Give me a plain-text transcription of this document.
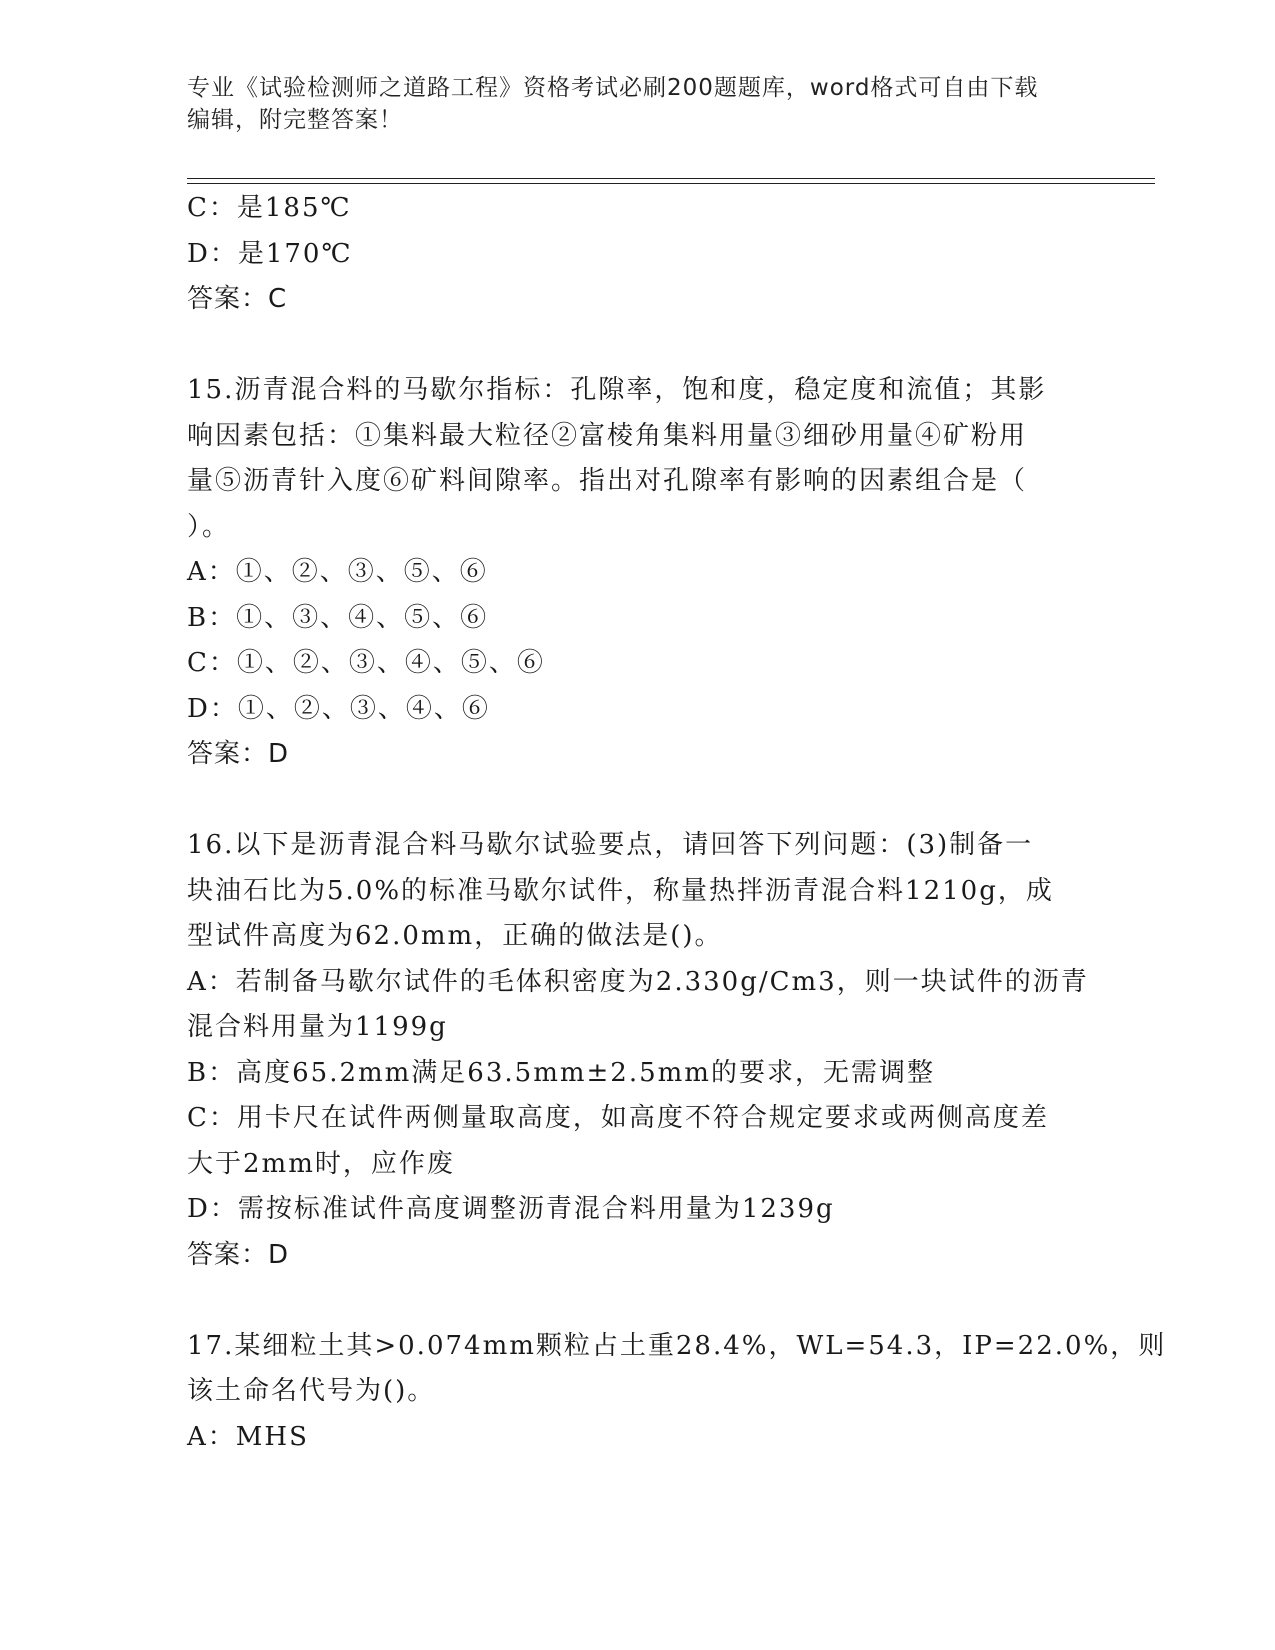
专业《试验检测师之道路工程》资格考试必刷200题题库，word格式可自由下载
编辑，附完整答案！
C：是185℃
D：是170℃
答案：C
15.沥青混合料的马歇尔指标：孔隙率，饱和度，稳定度和流值；其影
响因素包括：①集料最大粒径②富棱角集料用量③细砂用量④矿粉用
量⑤沥青针入度⑥矿料间隙率。指出对孔隙率有影响的因素组合是（
）。
A：①、②、③、⑤、⑥
B：①、③、④、⑤、⑥
C：①、②、③、④、⑤、⑥
D：①、②、③、④、⑥
答案：D
16.以下是沥青混合料马歇尔试验要点，请回答下列问题：(3)制备一
块油石比为5.0%的标准马歇尔试件，称量热拌沥青混合料1210g，成
型试件高度为62.0mm，正确的做法是()。
A：若制备马歇尔试件的毛体积密度为2.330g/Cm3，则一块试件的沥青
混合料用量为1199g
B：高度65.2mm满足63.5mm±2.5mm的要求，无需调整
C：用卡尺在试件两侧量取高度，如高度不符合规定要求或两侧高度差
大于2mm时，应作废
D：需按标准试件高度调整沥青混合料用量为1239g
答案：D
17.某细粒土其>0.074mm颗粒占土重28.4%，WL=54.3，IP=22.0%，则
该土命名代号为()。
A：MHS
